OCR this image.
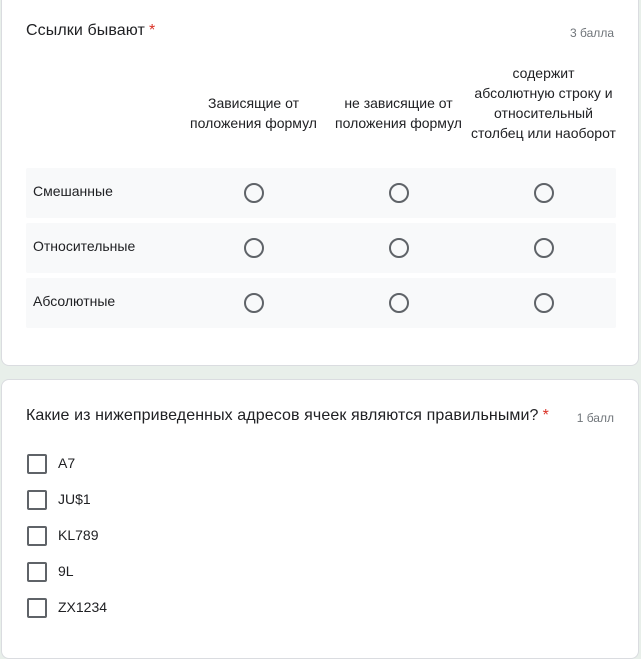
Ссылки бывают *	3 балла
Зависящие от положения формул
не зависящие от положения формул
содержит абсолютную строку и относительный столбец или наоборот
Смешанные
Относительные
Абсолютные
Какие из нижеприведенных адресов ячеек являются правильными? * 1 балл
A7
JU$1
KL789
9L
ZX1234
